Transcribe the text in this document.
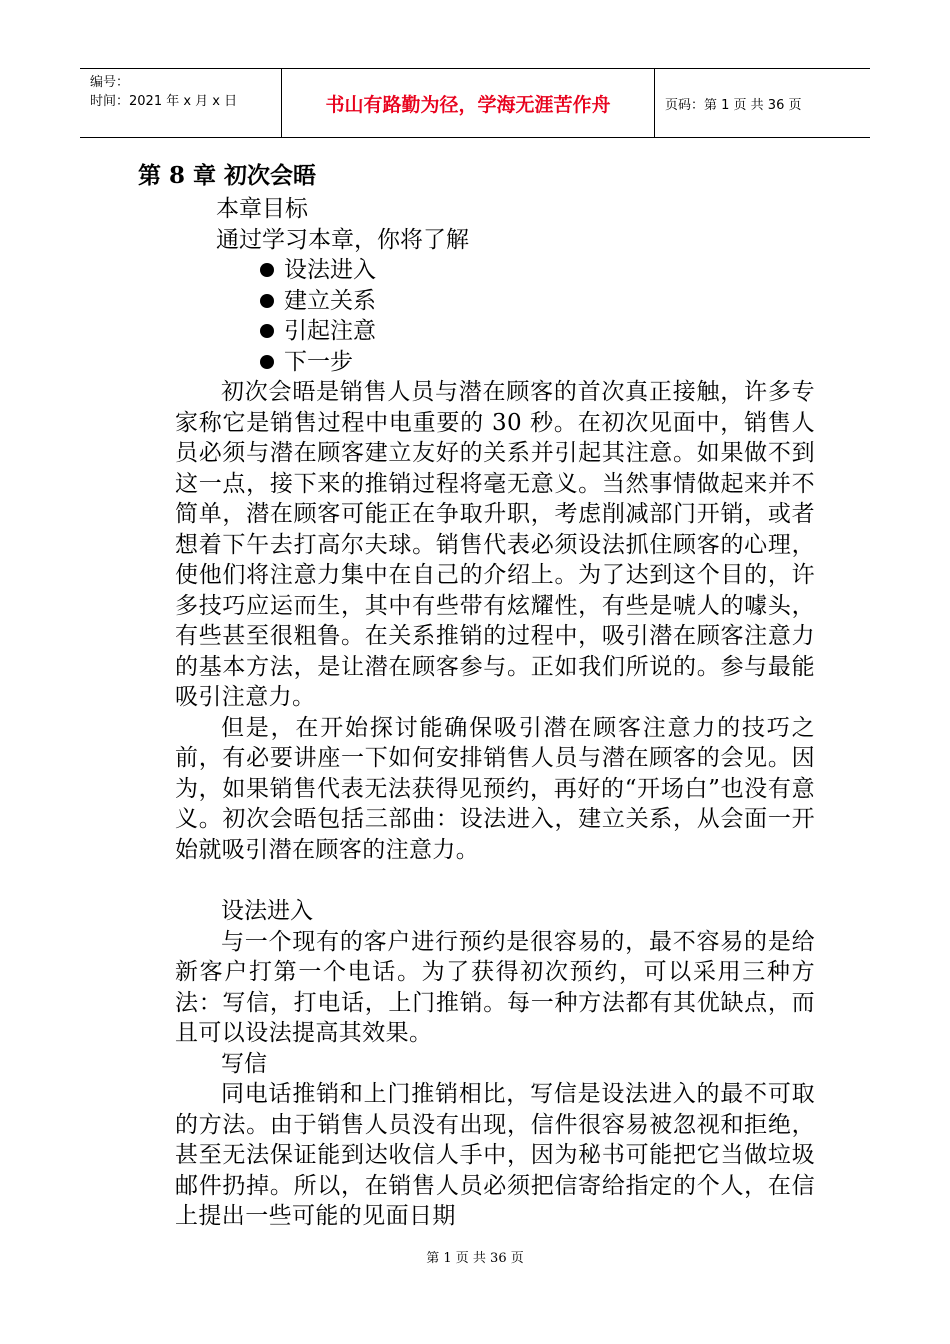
编号：
时间：2021 年 x 月 x 日	书山有路勤为径，学海无涯苦作舟	页码：第 1 页 共 36 页
第 8 章 初次会晤
本章目标
通过学习本章，你将了解
设法进入
建立关系
引起注意
下一步

初次会晤是销售人员与潜在顾客的首次真正接触，许多专家称它是销售过程中电重要的 30 秒。在初次见面中，销售人员必须与潜在顾客建立友好的关系并引起其注意。如果做不到这一点，接下来的推销过程将毫无意义。当然事情做起来并不简单，潜在顾客可能正在争取升职，考虑削减部门开销，或者想着下午去打高尔夫球。销售代表必须设法抓住顾客的心理，使他们将注意力集中在自己的介绍上。为了达到这个目的，许多技巧应运而生，其中有些带有炫耀性，有些是唬人的噱头，有些甚至很粗鲁。在关系推销的过程中，吸引潜在顾客注意力的基本方法，是让潜在顾客参与。正如我们所说的。参与最能吸引注意力。

但是，在开始探讨能确保吸引潜在顾客注意力的技巧之前，有必要讲座一下如何安排销售人员与潜在顾客的会见。因为，如果销售代表无法获得见预约，再好的“开场白”也没有意义。初次会晤包括三部曲：设法进入，建立关系，从会面一开始就吸引潜在顾客的注意力。

设法进入

与一个现有的客户进行预约是很容易的，最不容易的是给新客户打第一个电话。为了获得初次预约，可以采用三种方法：写信，打电话，上门推销。每一种方法都有其优缺点，而且可以设法提高其效果。

写信

同电话推销和上门推销相比，写信是设法进入的最不可取的方法。由于销售人员没有出现，信件很容易被忽视和拒绝，甚至无法保证能到达收信人手中，因为秘书可能把它当做垃圾邮件扔掉。所以，在销售人员必须把信寄给指定的个人，在信上提出一些可能的见面日期

第 1 页 共 36 页
